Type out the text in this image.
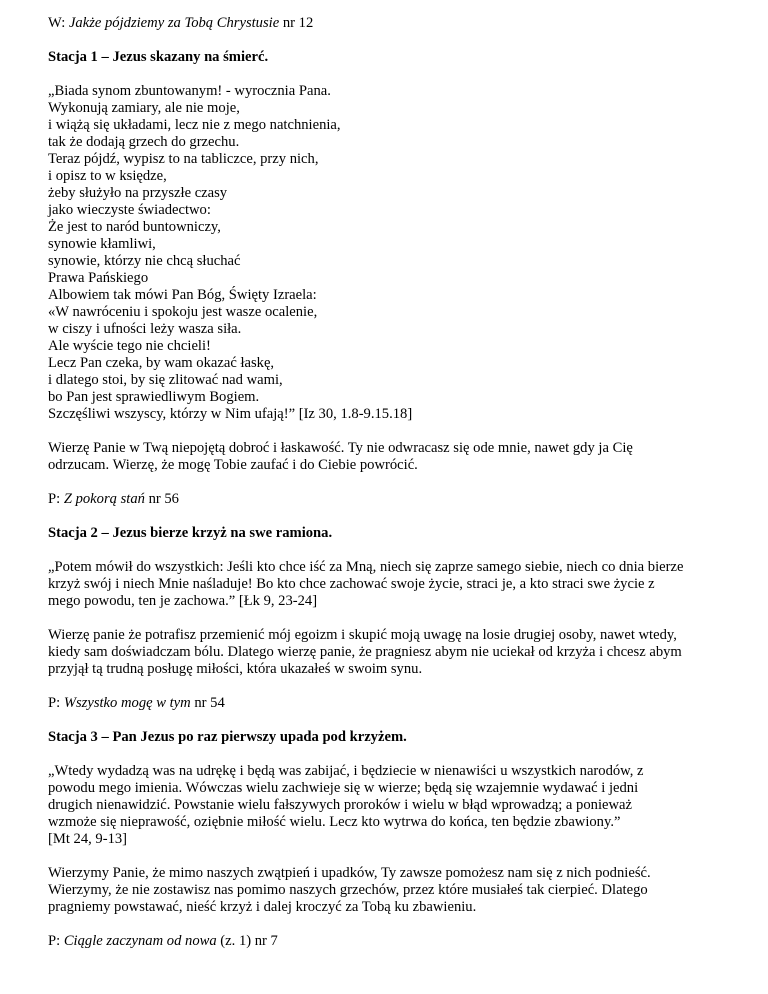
W: Jakże pójdziemy za Tobą Chrystusie nr 12

Stacja 1 – Jezus skazany na śmierć.

„Biada synom zbuntowanym! - wyrocznia Pana.
Wykonują zamiary, ale nie moje,
i wiążą się układami, lecz nie z mego natchnienia,
tak że dodają grzech do grzechu.
Teraz pójdź, wypisz to na tabliczce, przy nich,
i opisz to w księdze,
żeby służyło na przyszłe czasy
jako wieczyste świadectwo:
Że jest to naród buntowniczy,
synowie kłamliwi,
synowie, którzy nie chcą słuchać
Prawa Pańskiego
Albowiem tak mówi Pan Bóg, Święty Izraela:
«W nawróceniu i spokoju jest wasze ocalenie,
w ciszy i ufności leży wasza siła.
Ale wyście tego nie chcieli!
Lecz Pan czeka, by wam okazać łaskę,
i dlatego stoi, by się zlitować nad wami,
bo Pan jest sprawiedliwym Bogiem.
Szczęśliwi wszyscy, którzy w Nim ufają!” [Iz 30, 1.8-9.15.18]
Wierzę Panie w Twą niepojętą dobroć i łaskawość. Ty nie odwracasz się ode mnie, nawet gdy ja Cię
odrzucam. Wierzę, że mogę Tobie zaufać i do Ciebie powrócić.

P: Z pokorą stań nr 56

Stacja 2 – Jezus bierze krzyż na swe ramiona.

„Potem mówił do wszystkich: Jeśli kto chce iść za Mną, niech się zaprze samego siebie, niech co dnia bierze
krzyż swój i niech Mnie naśladuje! Bo kto chce zachować swoje życie, straci je, a kto straci swe życie z
mego powodu, ten je zachowa.” [Łk 9, 23-24]
Wierzę panie że potrafisz przemienić mój egoizm i skupić moją uwagę na losie drugiej osoby, nawet wtedy,
kiedy sam doświadczam bólu. Dlatego wierzę panie, że pragniesz abym nie uciekał od krzyża i chcesz abym
przyjął tą trudną posługę miłości, która ukazałeś w swoim synu.

P: Wszystko mogę w tym nr 54

Stacja 3 – Pan Jezus po raz pierwszy upada pod krzyżem.

„Wtedy wydadzą was na udrękę i będą was zabijać, i będziecie w nienawiści u wszystkich narodów, z
powodu mego imienia. Wówczas wielu zachwieje się w wierze; będą się wzajemnie wydawać i jedni
drugich nienawidzić. Powstanie wielu fałszywych proroków i wielu w błąd wprowadzą; a ponieważ
wzmoże się nieprawość, oziębnie miłość wielu. Lecz kto wytrwa do końca, ten będzie zbawiony.”
[Mt 24, 9-13]
Wierzymy Panie, że mimo naszych zwątpień i upadków, Ty zawsze pomożesz nam się z nich podnieść.
Wierzymy, że nie zostawisz nas pomimo naszych grzechów, przez które musiałeś tak cierpieć. Dlatego
pragniemy powstawać, nieść krzyż i dalej kroczyć za Tobą ku zbawieniu.

P: Ciągle zaczynam od nowa (z. 1) nr 7
